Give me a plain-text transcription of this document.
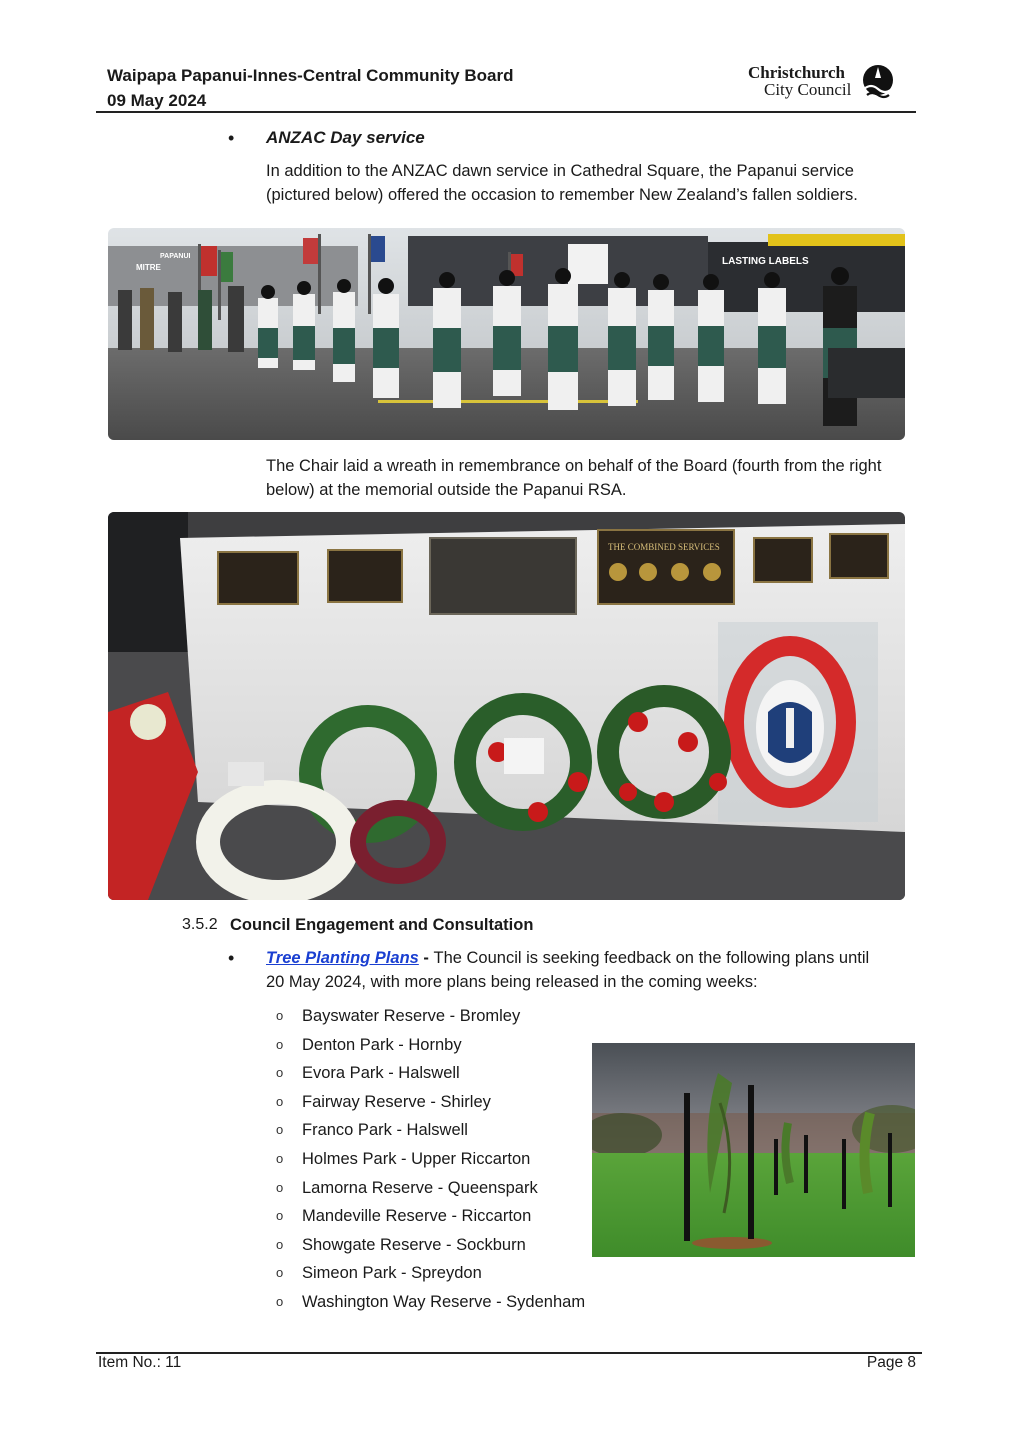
Waipapa Papanui-Innes-Central Community Board
09 May 2024
Christchurch
City Council
• ANZAC Day service
In addition to the ANZAC dawn service in Cathedral Square, the Papanui service (pictured below) offered the occasion to remember New Zealand’s fallen soldiers.
LASTING LABELS
MITRE
PAPANUI
The Chair laid a wreath in remembrance on behalf of the Board (fourth from the right below) at the memorial outside the Papanui RSA.
THE COMBINED SERVICES
3.5.2 Council Engagement and Consultation
• Tree Planting Plans - The Council is seeking feedback on the following plans until 20 May 2024, with more plans being released in the coming weeks:
o Bayswater Reserve - Bromley
o Denton Park - Hornby
o Evora Park - Halswell
o Fairway Reserve - Shirley
o Franco Park - Halswell
o Holmes Park - Upper Riccarton
o Lamorna Reserve - Queenspark
o Mandeville Reserve - Riccarton
o Showgate Reserve - Sockburn
o Simeon Park - Spreydon
o Washington Way Reserve - Sydenham
Item No.: 11	Page 8
